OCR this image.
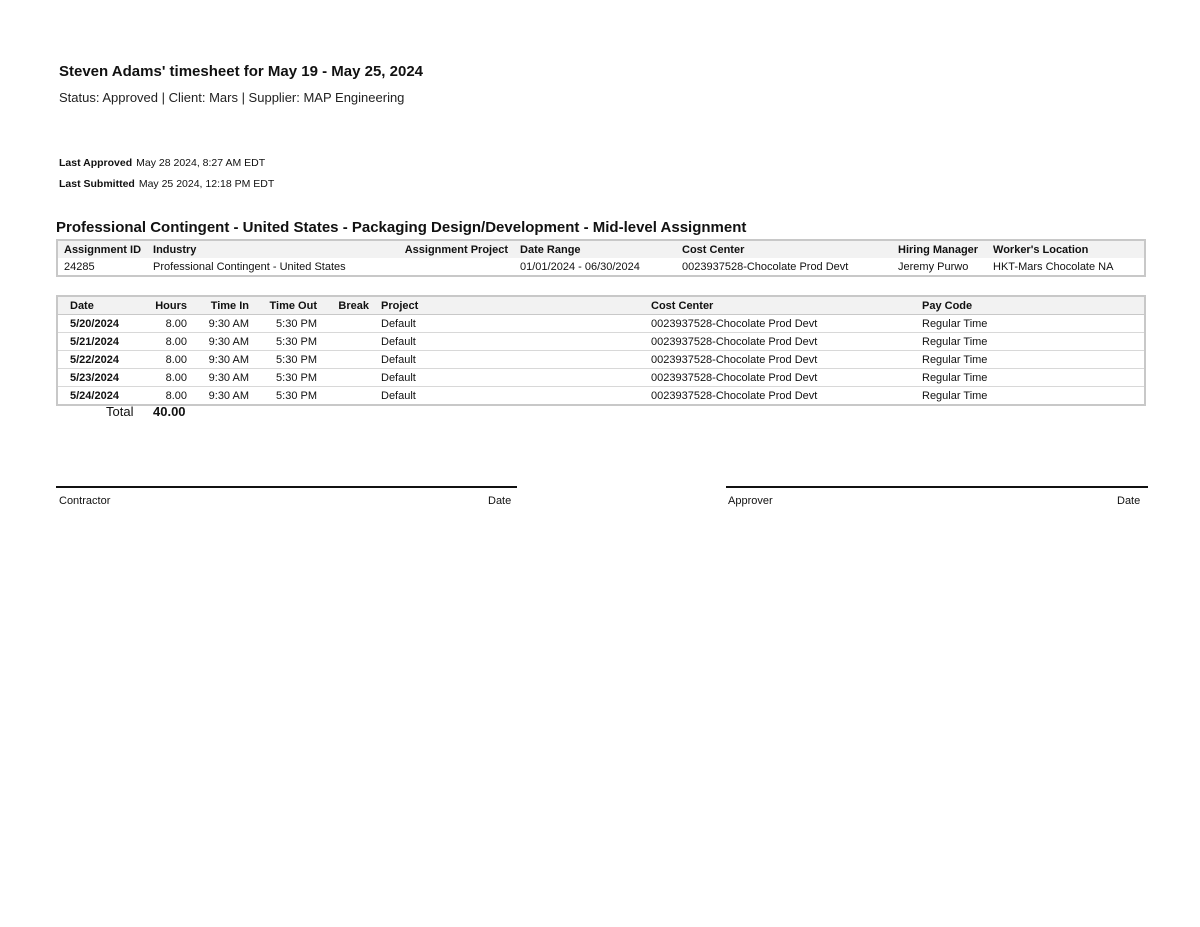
Steven Adams' timesheet for May 19 - May 25, 2024
Status: Approved | Client: Mars | Supplier: MAP Engineering
Last Approved May 28 2024, 8:27 AM EDT
Last Submitted May 25 2024, 12:18 PM EDT
Professional Contingent - United States - Packaging Design/Development - Mid-level Assignment
Assignment ID	Industry	Assignment Project	Date Range	Cost Center	Hiring Manager	Worker's Location
24285	Professional Contingent - United States		01/01/2024 - 06/30/2024	0023937528-Chocolate Prod Devt	Jeremy Purwo	HKT-Mars Chocolate NA
Date	Hours	Time In	Time Out	Break	Project	Cost Center	Pay Code
5/20/2024	8.00	9:30 AM	5:30 PM		Default	0023937528-Chocolate Prod Devt	Regular Time
5/21/2024	8.00	9:30 AM	5:30 PM		Default	0023937528-Chocolate Prod Devt	Regular Time
5/22/2024	8.00	9:30 AM	5:30 PM		Default	0023937528-Chocolate Prod Devt	Regular Time
5/23/2024	8.00	9:30 AM	5:30 PM		Default	0023937528-Chocolate Prod Devt	Regular Time
5/24/2024	8.00	9:30 AM	5:30 PM		Default	0023937528-Chocolate Prod Devt	Regular Time
Total 40.00
Contractor	Date	Approver	Date
